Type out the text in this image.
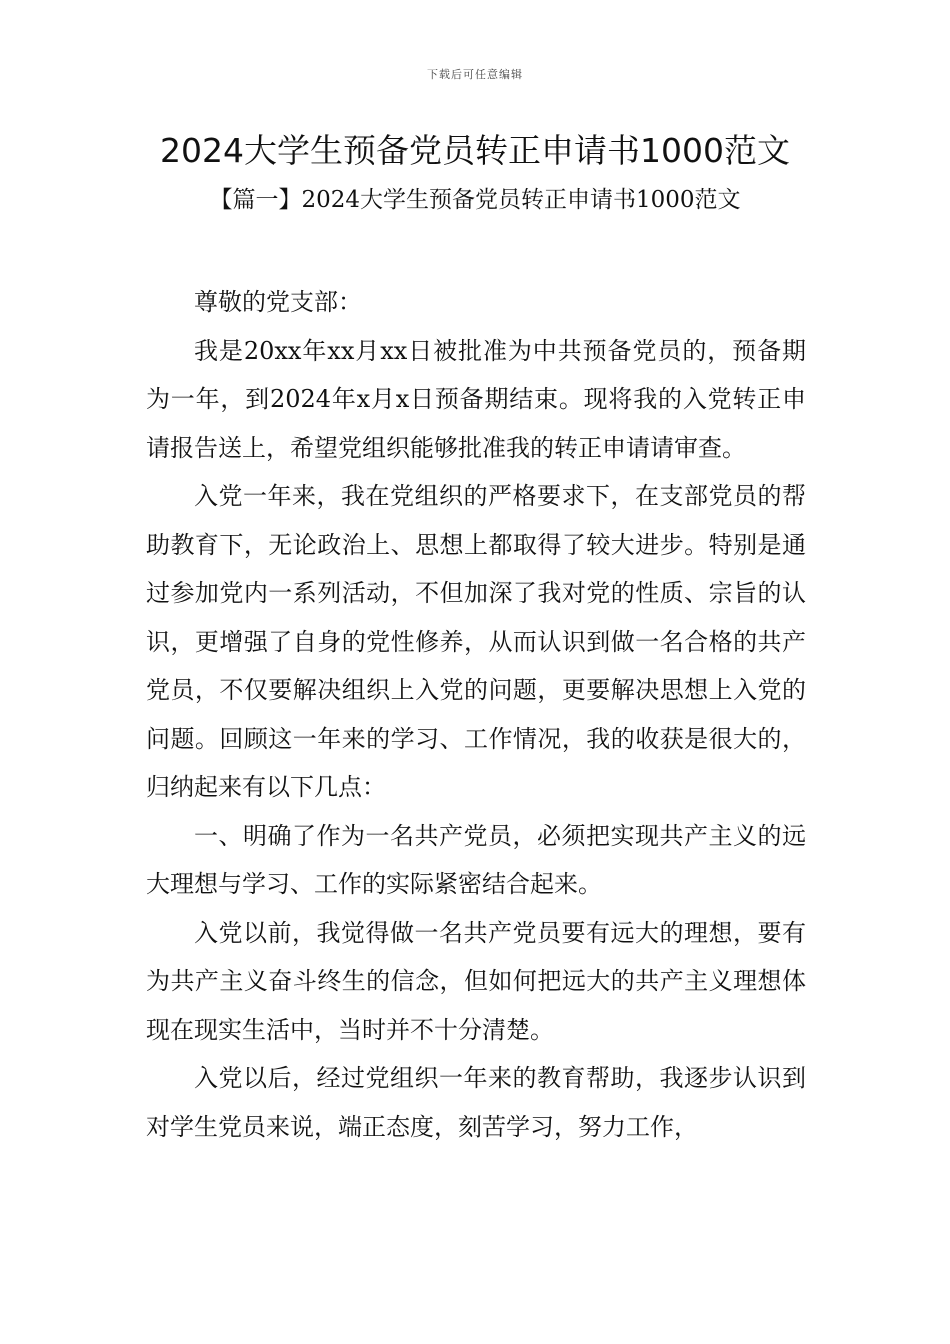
下载后可任意编辑
2024大学生预备党员转正申请书1000范文
【篇一】2024大学生预备党员转正申请书1000范文

尊敬的党支部：

我是20xx年xx月xx日被批准为中共预备党员的，预备期为一年，到2024年x月x日预备期结束。现将我的入党转正申请报告送上，希望党组织能够批准我的转正申请请审查。

入党一年来，我在党组织的严格要求下，在支部党员的帮助教育下，无论政治上、思想上都取得了较大进步。特别是通过参加党内一系列活动，不但加深了我对党的性质、宗旨的认识，更增强了自身的党性修养，从而认识到做一名合格的共产党员，不仅要解决组织上入党的问题，更要解决思想上入党的问题。回顾这一年来的学习、工作情况，我的收获是很大的，归纳起来有以下几点：

一、明确了作为一名共产党员，必须把实现共产主义的远大理想与学习、工作的实际紧密结合起来。

入党以前，我觉得做一名共产党员要有远大的理想，要有为共产主义奋斗终生的信念，但如何把远大的共产主义理想体现在现实生活中，当时并不十分清楚。

入党以后，经过党组织一年来的教育帮助，我逐步认识到对学生党员来说，端正态度，刻苦学习，努力工作，
